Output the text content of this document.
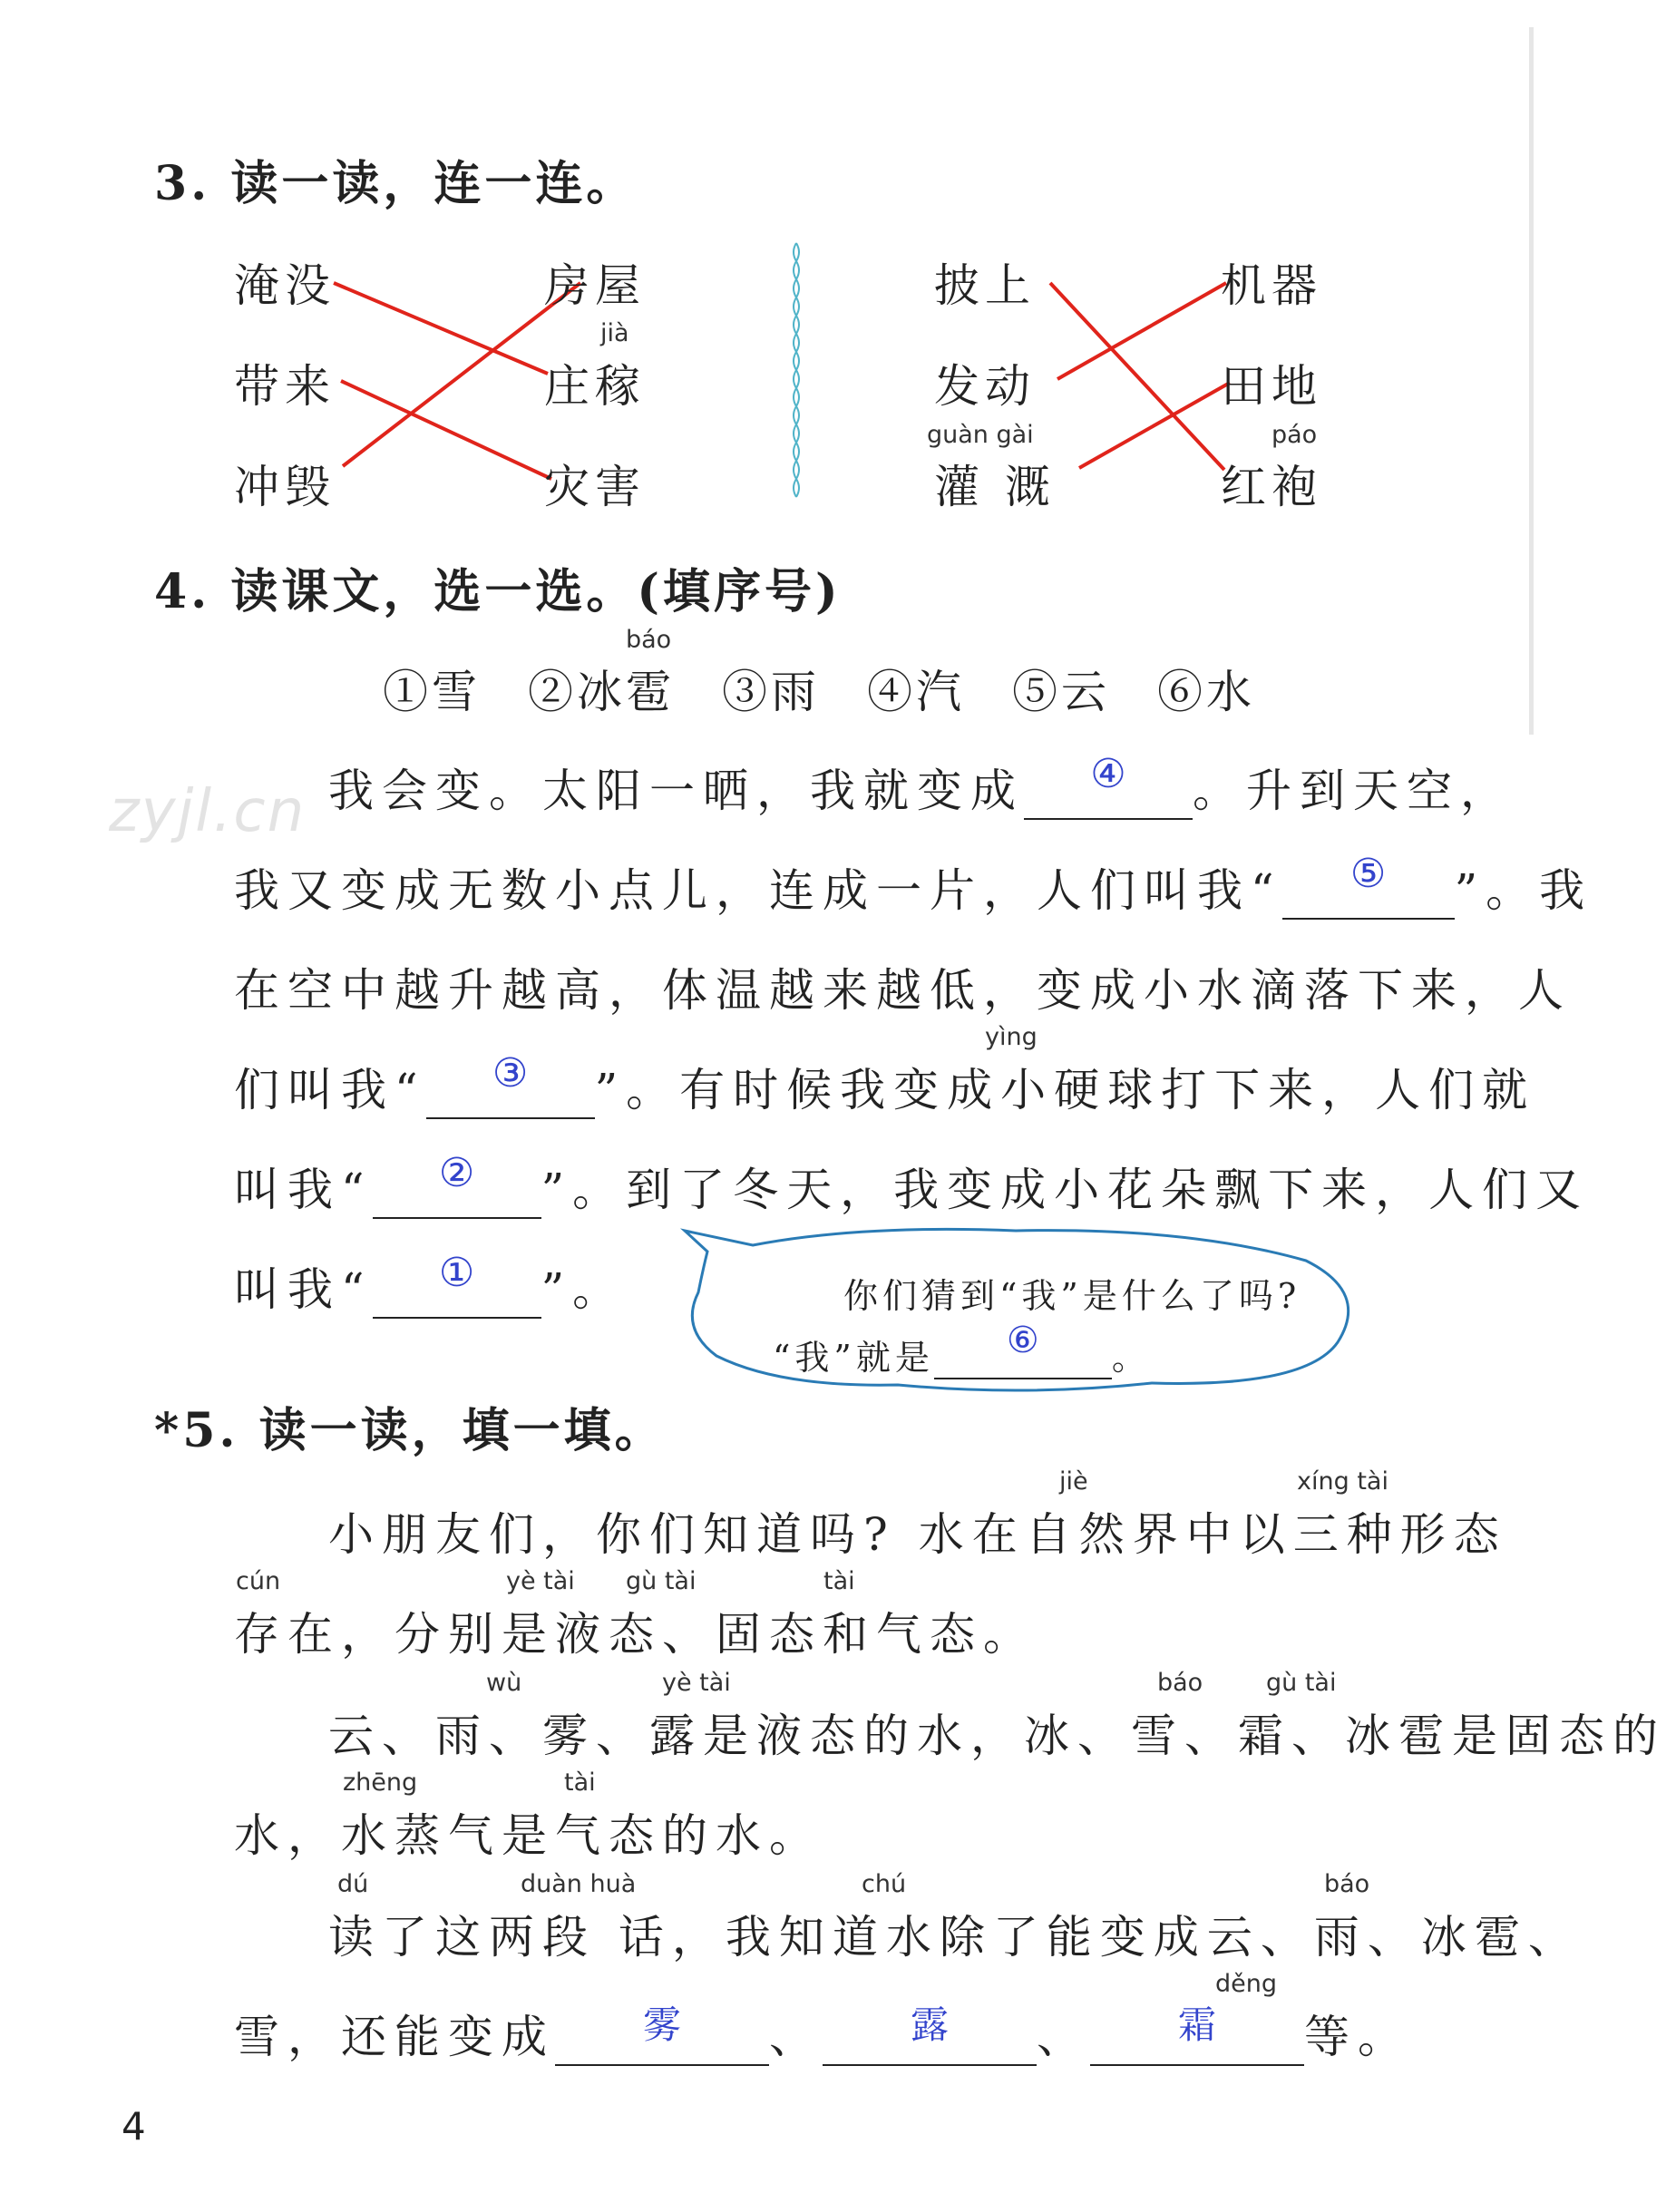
3. 读一读，连一连。
淹没
带来
冲毁
房屋
jià
庄稼
灾害
披上
发动
guàn gài
灌 溉
机器
田地
páo
红袍
4. 读课文，选一选。(填序号)
báo
①雪 ②冰雹 ③雨 ④汽 ⑤云 ⑥水
zyjl.cn 我会变。太阳一晒，我就变成	④	。升到天空，
我又变成无数小点儿，连成一片，人们叫我“	⑤	”。我
在空中越升越高，体温越来越低，变成小水滴落下来，人
yìng
们叫我“	③	”。有时候我变成小硬球打下来，人们就
叫我“	②	”。到了冬天，我变成小花朵飘下来，人们又
叫我“	①	”。	你们猜到“我”是什么了吗?
“我”就是	⑥	。
*5. 读一读，填一填。
jiè	xíng tài
小朋友们，你们知道吗? 水在自然界中以三种形态
cún	yè tài gù tài	tài
存在，分别是液态、固态和气态。
wù	yè tài	báo	gù tài
云、雨、雾、露是液态的水，冰、雪、霜、冰雹是固态的
zhēng	tài
水，水蒸气是气态的水。
dú	duàn huà	chú	báo
读了这两段 话，我知道水除了能变成云、雨、冰雹、
děng
雪，还能变成	雾	、	露	、	霜	等。
4
